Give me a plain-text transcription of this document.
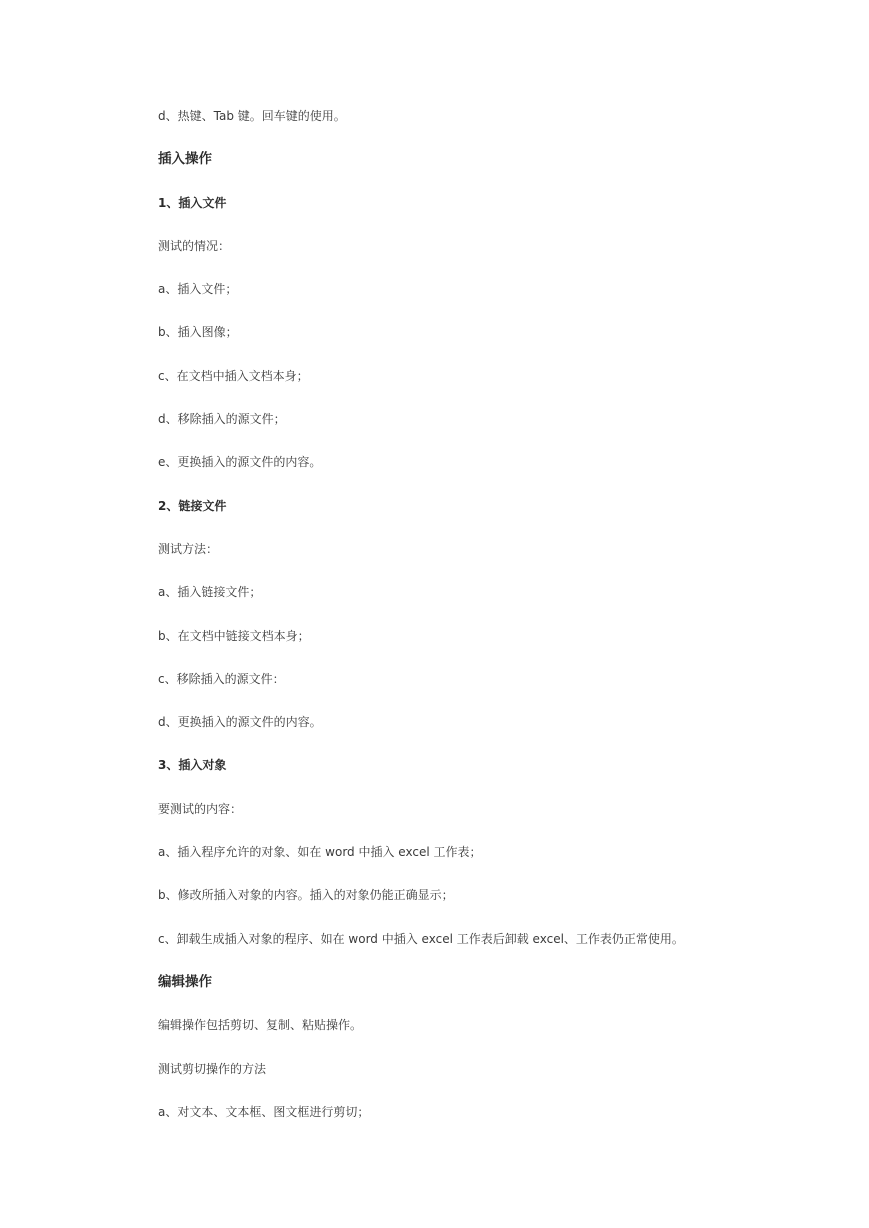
d、热键、Tab 键。回车键的使用。
插入操作
1、插入文件
测试的情况：
a、插入文件；
b、插入图像；
c、在文档中插入文档本身；
d、移除插入的源文件；
e、更换插入的源文件的内容。
2、链接文件
测试方法：
a、插入链接文件；
b、在文档中链接文档本身；
c、移除插入的源文件：
d、更换插入的源文件的内容。
3、插入对象
要测试的内容：
a、插入程序允许的对象、如在 word 中插入 excel 工作表；
b、修改所插入对象的内容。插入的对象仍能正确显示；
c、卸载生成插入对象的程序、如在 word 中插入 excel 工作表后卸载 excel、工作表仍正常使用。
编辑操作
编辑操作包括剪切、复制、粘贴操作。
测试剪切操作的方法
a、对文本、文本框、图文框进行剪切；
